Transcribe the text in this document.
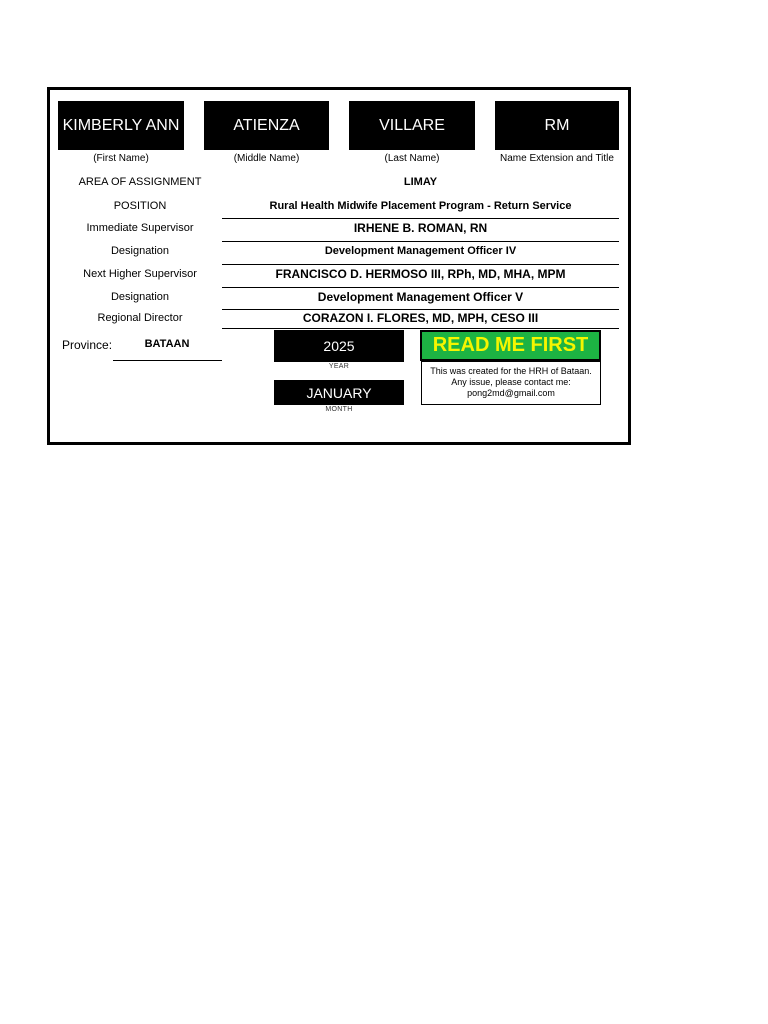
KIMBERLY ANN	ATIENZA	VILLARE	RM
(First Name)	(Middle Name)	(Last Name)	Name Extension and Title
AREA OF ASSIGNMENT	LIMAY
POSITION	Rural Health Midwife Placement Program - Return Service
Immediate Supervisor	IRHENE B. ROMAN, RN
Designation	Development Management Officer IV
Next Higher Supervisor	FRANCISCO D. HERMOSO III, RPh, MD, MHA, MPM
Designation	Development Management Officer V
Regional Director	CORAZON I. FLORES, MD, MPH, CESO III
Province:	BATAAN	2025
YEAR
JANUARY
MONTH
READ ME FIRST
This was created for the HRH of Bataan.
Any issue, please contact me:
pong2md@gmail.com
